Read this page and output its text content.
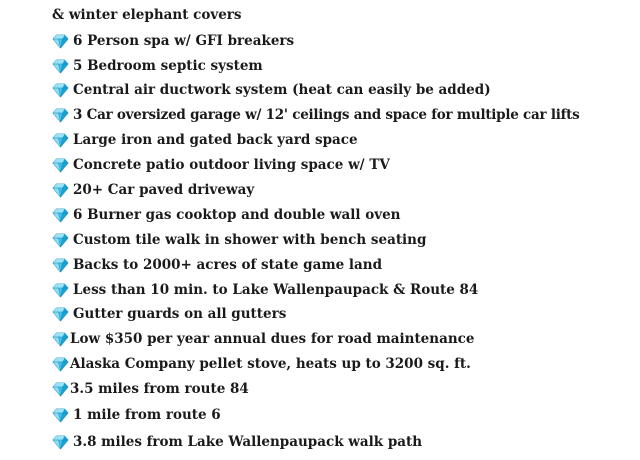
& winter elephant covers
6 Person spa w/ GFI breakers
5 Bedroom septic system
Central air ductwork system (heat can easily be added)
3 Car oversized garage w/ 12' ceilings and space for multiple car lifts
Large iron and gated back yard space
Concrete patio outdoor living space w/ TV
20+ Car paved driveway
6 Burner gas cooktop and double wall oven
Custom tile walk in shower with bench seating
Backs to 2000+ acres of state game land
Less than 10 min. to Lake Wallenpaupack & Route 84
Gutter guards on all gutters
Low $350 per year annual dues for road maintenance
Alaska Company pellet stove, heats up to 3200 sq. ft.
3.5 miles from route 84
1 mile from route 6
3.8 miles from Lake Wallenpaupack walk path
